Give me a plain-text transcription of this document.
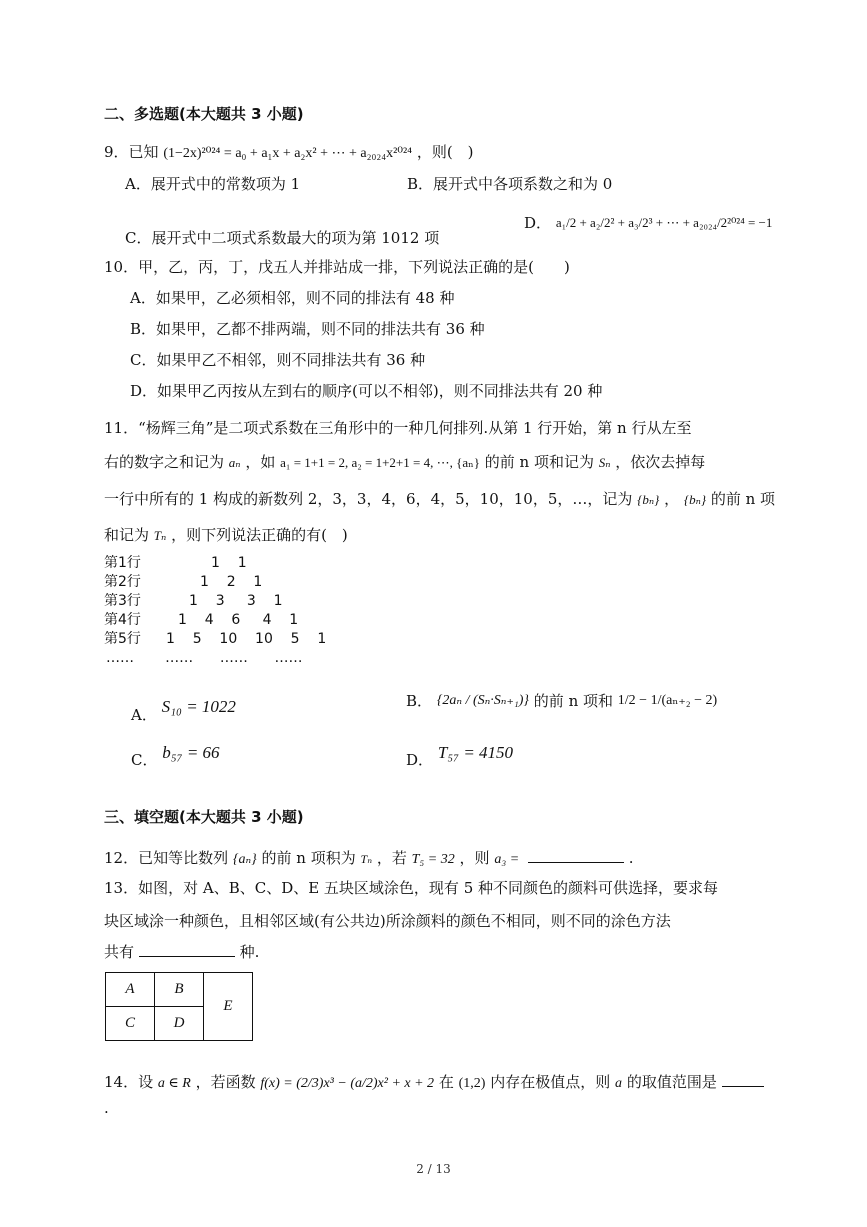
二、多选题(本大题共 3 小题)
9．已知 (1−2x)²⁰²⁴ = a₀ + a₁x + a₂x² + ⋯ + a₂₀₂₄x²⁰²⁴ ，则(　)
A．展开式中的常数项为 1	B．展开式中各项系数之和为 0
C．展开式中二项式系数最大的项为第 1012 项
D． a₁/2 + a₂/2² + a₃/2³ + ⋯ + a₂₀₂₄/2²⁰²⁴ = −1
10．甲，乙，丙，丁，戊五人并排站成一排，下列说法正确的是(　　)
A．如果甲，乙必须相邻，则不同的排法有 48 种
B．如果甲，乙都不排两端，则不同的排法共有 36 种
C．如果甲乙不相邻，则不同排法共有 36 种
D．如果甲乙丙按从左到右的顺序(可以不相邻)，则不同排法共有 20 种
11．“杨辉三角”是二项式系数在三角形中的一种几何排列.从第 1 行开始，第 n 行从左至
右的数字之和记为 aₙ ，如 a₁ = 1+1 = 2, a₂ = 1+2+1 = 4, ⋯, {aₙ} 的前 n 项和记为 Sₙ ，依次去掉每
一行中所有的 1 构成的新数列 2，3，3，4，6，4，5，10，10，5，…，记为 {bₙ} ， {bₙ} 的前 n 项
和记为 Tₙ ，则下列说法正确的有(　)
第1行	1    1
第2行	1    2    1
第3行	1    3     3    1
第4行	1    4    6     4    1
第5行 1    5    10    10    5    1
……       ……      ……      ……
A． S₁₀ = 1022	B． {2aₙ / (Sₙ·Sₙ₊₁)} 的前 n 项和 1/2 − 1/(aₙ₊₂ − 2)
C． b₅₇ = 66	D． T₅₇ = 4150
三、填空题(本大题共 3 小题)
12．已知等比数列 {aₙ} 的前 n 项积为 Tₙ ，若 T₅ = 32 ，则 a₃ =	.
13．如图，对 A、B、C、D、E 五块区域涂色，现有 5 种不同颜色的颜料可供选择，要求每
块区域涂一种颜色，且相邻区域(有公共边)所涂颜料的颜色不相同，则不同的涂色方法
共有	种.
A	B	E
C	D	
14．设 a ∈ R ，若函数 f(x) = (2/3)x³ − (a/2)x² + x + 2 在 (1,2) 内存在极值点，则 a 的取值范围是
.
2 / 13
